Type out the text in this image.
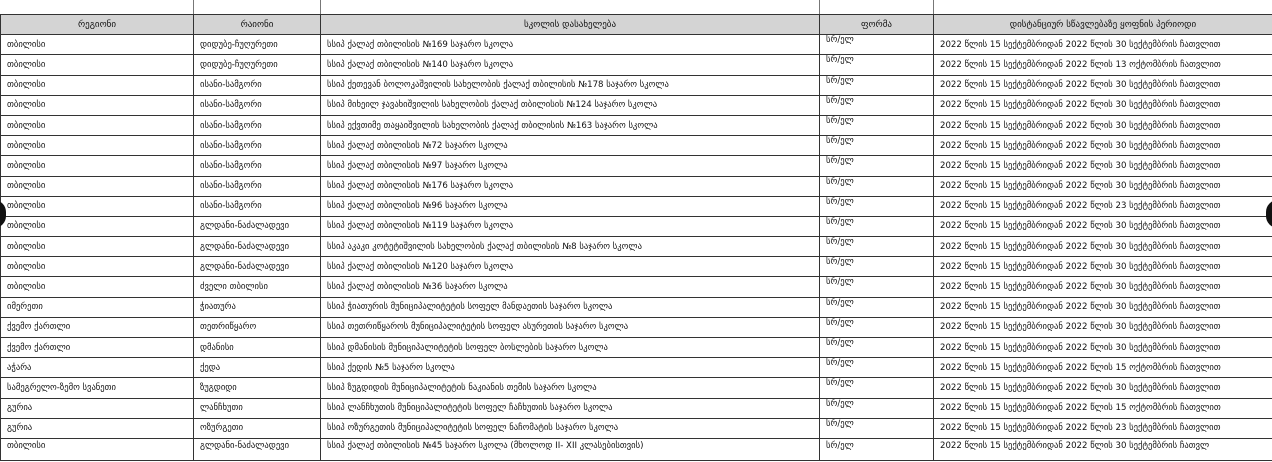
რეგიონი	რაიონი	სკოლის დასახელება	ფორმა	დისტანციურ სწავლებაზე ყოფნის პერიოდი
თბილისი	დიდუბე-ჩუღურეთი	სსიპ ქალაქ თბილისის №169 საჯარო სკოლა	სრ/ელ	2022 წლის 15 სექტემბრიდან 2022 წლის 30 სექტემბრის ჩათვლით
თბილისი	დიდუბე-ჩუღურეთი	სსიპ ქალაქ თბილისის №140 საჯარო სკოლა	სრ/ელ	2022 წლის 15 სექტემბრიდან 2022 წლის 13 ოქტომბრის ჩათვლით
თბილისი	ისანი-სამგორი	სსიპ ქეთევან ბოლოკაშვილის სახელობის ქალაქ თბილისის №178 საჯარო სკოლა	სრ/ელ	2022 წლის 15 სექტემბრიდან 2022 წლის 30 სექტემბრის ჩათვლით
თბილისი	ისანი-სამგორი	სსიპ მიხეილ ჯავახიშვილის სახელობის ქალაქ თბილისის №124 საჯარო სკოლა	სრ/ელ	2022 წლის 15 სექტემბრიდან 2022 წლის 30 სექტემბრის ჩათვლით
თბილისი	ისანი-სამგორი	სსიპ ექვთიმე თაყაიშვილის სახელობის ქალაქ თბილისის №163 საჯარო სკოლა	სრ/ელ	2022 წლის 15 სექტემბრიდან 2022 წლის 30 სექტემბრის ჩათვლით
თბილისი	ისანი-სამგორი	სსიპ ქალაქ თბილისის №72 საჯარო სკოლა	სრ/ელ	2022 წლის 15 სექტემბრიდან 2022 წლის 30 სექტემბრის ჩათვლით
თბილისი	ისანი-სამგორი	სსიპ ქალაქ თბილისის №97 საჯარო სკოლა	სრ/ელ	2022 წლის 15 სექტემბრიდან 2022 წლის 30 სექტემბრის ჩათვლით
თბილისი	ისანი-სამგორი	სსიპ ქალაქ თბილისის №176 საჯარო სკოლა	სრ/ელ	2022 წლის 15 სექტემბრიდან 2022 წლის 30 სექტემბრის ჩათვლით
თბილისი	ისანი-სამგორი	სსიპ ქალაქ თბილისის №96 საჯარო სკოლა	სრ/ელ	2022 წლის 15 სექტემბრიდან 2022 წლის 23 სექტემბრის ჩათვლით
თბილისი	გლდანი-ნაძალადევი	სსიპ ქალაქ თბილისის №119 საჯარო სკოლა	სრ/ელ	2022 წლის 15 სექტემბრიდან 2022 წლის 30 სექტემბრის ჩათვლით
თბილისი	გლდანი-ნაძალადევი	სსიპ აკაკი კოტეტიშვილის სახელობის ქალაქ თბილისის №8 საჯარო სკოლა	სრ/ელ	2022 წლის 15 სექტემბრიდან 2022 წლის 30 სექტემბრის ჩათვლით
თბილისი	გლდანი-ნაძალადევი	სსიპ ქალაქ თბილისის №120 საჯარო სკოლა	სრ/ელ	2022 წლის 15 სექტემბრიდან 2022 წლის 30 სექტემბრის ჩათვლით
თბილისი	ძველი თბილისი	სსიპ ქალაქ თბილისის №36 საჯარო სკოლა	სრ/ელ	2022 წლის 15 სექტემბრიდან 2022 წლის 30 სექტემბრის ჩათვლით
იმერეთი	ჭიათურა	სსიპ ჭიათურის მუნიციპალიტეტის სოფელ მანდაეთის საჯარო სკოლა	სრ/ელ	2022 წლის 15 სექტემბრიდან 2022 წლის 30 სექტემბრის ჩათვლით
ქვემო ქართლი	თეთრიწყარო	სსიპ თეთრიწყაროს მუნიციპალიტეტის სოფელ ასურეთის საჯარო სკოლა	სრ/ელ	2022 წლის 15 სექტემბრიდან 2022 წლის 30 სექტემბრის ჩათვლით
ქვემო ქართლი	დმანისი	სსიპ დმანისის მუნიციპალიტეტის სოფელ ბოსლების საჯარო სკოლა	სრ/ელ	2022 წლის 15 სექტემბრიდან 2022 წლის 30 სექტემბრის ჩათვლით
აჭარა	ქედა	სსიპ ქედის №5 საჯარო სკოლა	სრ/ელ	2022 წლის 15 სექტემბრიდან 2022 წლის 15 ოქტომბრის ჩათვლით
სამეგრელო-ზემო სვანეთი	ზუგდიდი	სსიპ ზუგდიდის მუნიციპალიტეტის ნაკიანის თემის საჯარო სკოლა	სრ/ელ	2022 წლის 15 სექტემბრიდან 2022 წლის 30 სექტემბრის ჩათვლით
გურია	ლანჩხუთი	სსიპ ლანჩხუთის მუნიციპალიტეტის სოფელ ჩაჩხუთის საჯარო სკოლა	სრ/ელ	2022 წლის 15 სექტემბრიდან 2022 წლის 15 ოქტომბრის ჩათვლით
გურია	ოზურგეთი	სსიპ ოზურგეთის მუნიციპალიტეტის სოფელ ნაჩომატის საჯარო სკოლა	სრ/ელ	2022 წლის 15 სექტემბრიდან 2022 წლის 23 სექტემბრის ჩათვლით
თბილისი	გლდანი-ნაძალადევი	სსიპ ქალაქ თბილისის №45 საჯარო სკოლა (მხოლოდ II- XII კლასებისთვის)	სრ/ელ	2022 წლის 15 სექტემბრიდან 2022 წლის 30 სექტემბრის ჩათვლ
